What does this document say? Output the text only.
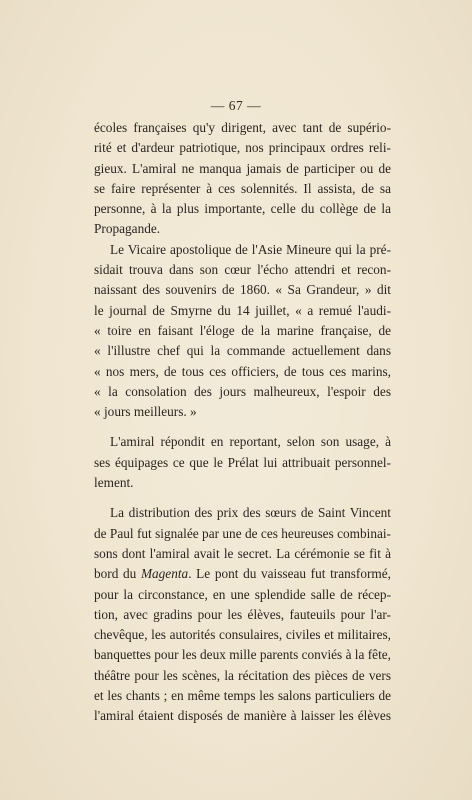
— 67 —
écoles françaises qu'y dirigent, avec tant de supério-
rité et d'ardeur patriotique, nos principaux ordres reli-
gieux. L'amiral ne manqua jamais de participer ou de
se faire représenter à ces solennités. Il assista, de sa
personne, à la plus importante, celle du collège de la
Propagande.
Le Vicaire apostolique de l'Asie Mineure qui la pré-
sidait trouva dans son cœur l'écho attendri et recon-
naissant des souvenirs de 1860. « Sa Grandeur, » dit
le journal de Smyrne du 14 juillet, « a remué l'audi-
« toire en faisant l'éloge de la marine française, de
« l'illustre chef qui la commande actuellement dans
« nos mers, de tous ces officiers, de tous ces marins,
« la consolation des jours malheureux, l'espoir des
« jours meilleurs. »
L'amiral répondit en reportant, selon son usage, à
ses équipages ce que le Prélat lui attribuait personnel-
lement.
La distribution des prix des sœurs de Saint Vincent
de Paul fut signalée par une de ces heureuses combinai-
sons dont l'amiral avait le secret. La cérémonie se fit à
bord du Magenta. Le pont du vaisseau fut transformé,
pour la circonstance, en une splendide salle de récep-
tion, avec gradins pour les élèves, fauteuils pour l'ar-
chevêque, les autorités consulaires, civiles et militaires,
banquettes pour les deux mille parents conviés à la fête,
théâtre pour les scènes, la récitation des pièces de vers
et les chants ; en même temps les salons particuliers de
l'amiral étaient disposés de manière à laisser les élèves
